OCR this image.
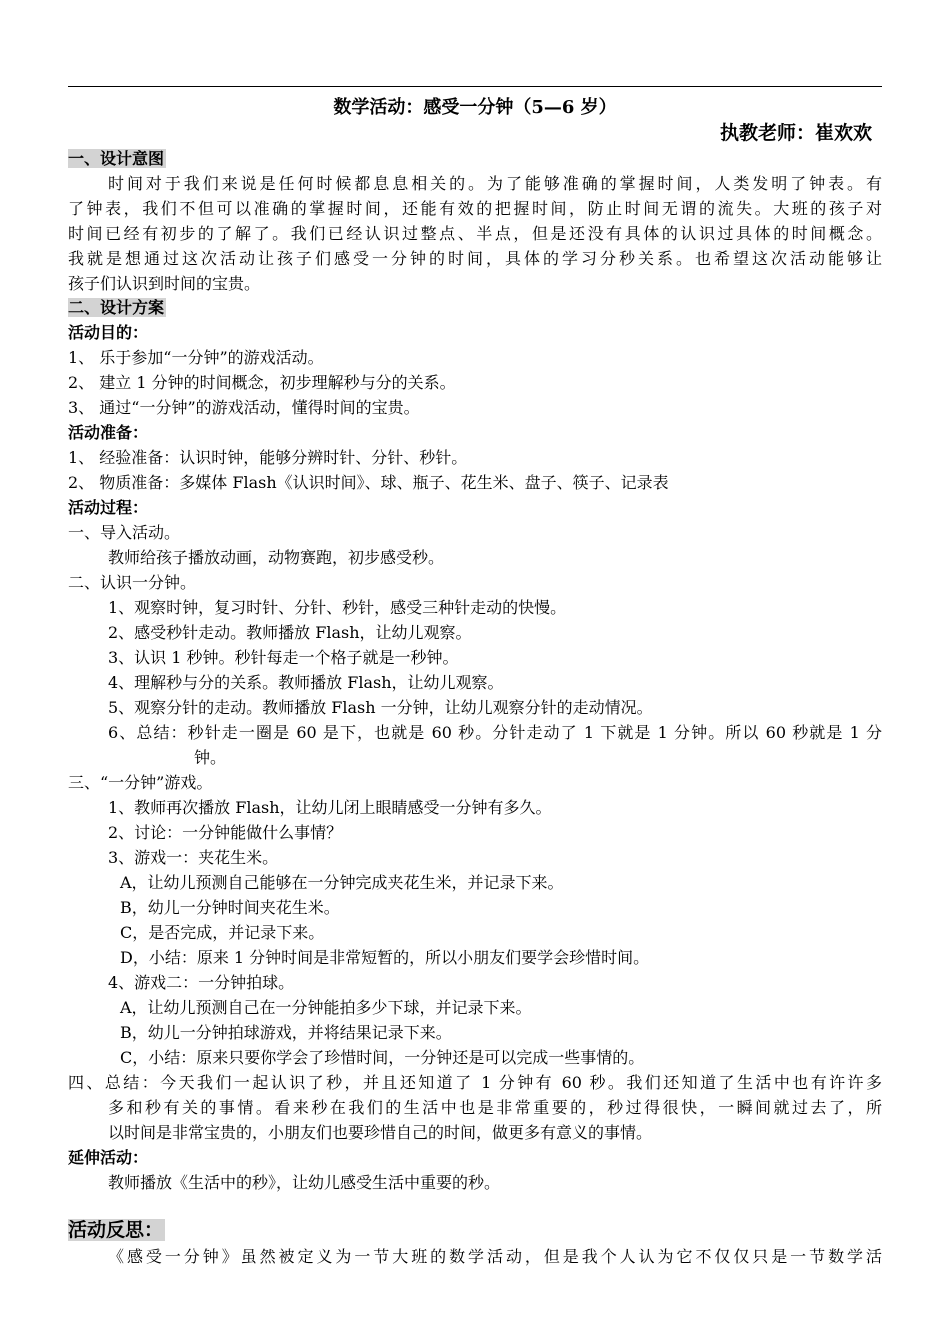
数学活动：感受一分钟（5—6 岁）
执教老师：崔欢欢
一、设计意图
时间对于我们来说是任何时候都息息相关的。为了能够准确的掌握时间，人类发明了钟表。有
了钟表，我们不但可以准确的掌握时间，还能有效的把握时间，防止时间无谓的流失。大班的孩子对
时间已经有初步的了解了。我们已经认识过整点、半点，但是还没有具体的认识过具体的时间概念。
我就是想通过这次活动让孩子们感受一分钟的时间，具体的学习分秒关系。也希望这次活动能够让
孩子们认识到时间的宝贵。
二、设计方案
活动目的：
1、 乐于参加“一分钟”的游戏活动。
2、 建立 1 分钟的时间概念，初步理解秒与分的关系。
3、 通过“一分钟”的游戏活动，懂得时间的宝贵。
活动准备：
1、 经验准备：认识时钟，能够分辨时针、分针、秒针。
2、 物质准备：多媒体 Flash《认识时间》、球、瓶子、花生米、盘子、筷子、记录表
活动过程：
一、导入活动。
教师给孩子播放动画，动物赛跑，初步感受秒。
二、认识一分钟。
1、观察时钟，复习时针、分针、秒针，感受三种针走动的快慢。
2、感受秒针走动。教师播放 Flash，让幼儿观察。
3、认识 1 秒钟。秒针每走一个格子就是一秒钟。
4、理解秒与分的关系。教师播放 Flash，让幼儿观察。
5、观察分针的走动。教师播放 Flash 一分钟，让幼儿观察分针的走动情况。
6、总结：秒针走一圈是 60 是下，也就是 60 秒。分针走动了 1 下就是 1 分钟。所以 60 秒就是 1 分
钟。
三、“一分钟”游戏。
1、教师再次播放 Flash，让幼儿闭上眼睛感受一分钟有多久。
2、讨论：一分钟能做什么事情？
3、游戏一：夹花生米。
A，让幼儿预测自己能够在一分钟完成夹花生米，并记录下来。
B，幼儿一分钟时间夹花生米。
C，是否完成，并记录下来。
D，小结：原来 1 分钟时间是非常短暂的，所以小朋友们要学会珍惜时间。
4、游戏二：一分钟拍球。
A，让幼儿预测自己在一分钟能拍多少下球，并记录下来。
B，幼儿一分钟拍球游戏，并将结果记录下来。
C，小结：原来只要你学会了珍惜时间，一分钟还是可以完成一些事情的。
四、总结：今天我们一起认识了秒，并且还知道了 1 分钟有 60 秒。我们还知道了生活中也有许许多
多和秒有关的事情。看来秒在我们的生活中也是非常重要的，秒过得很快，一瞬间就过去了，所
以时间是非常宝贵的，小朋友们也要珍惜自己的时间，做更多有意义的事情。
延伸活动：
教师播放《生活中的秒》，让幼儿感受生活中重要的秒。
活动反思：
《感受一分钟》虽然被定义为一节大班的数学活动，但是我个人认为它不仅仅只是一节数学活
